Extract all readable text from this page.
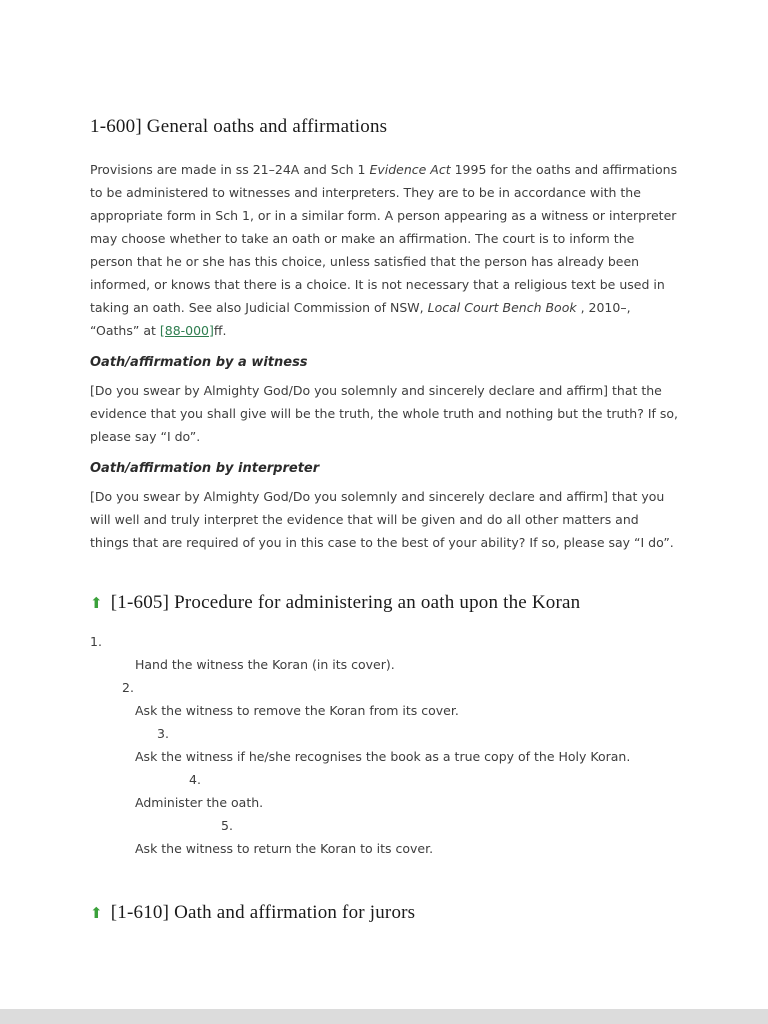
1-600] General oaths and affirmations

Provisions are made in ss 21–24A and Sch 1 Evidence Act 1995 for the oaths and affirmations to be administered to witnesses and interpreters. They are to be in accordance with the appropriate form in Sch 1, or in a similar form. A person appearing as a witness or interpreter may choose whether to take an oath or make an affirmation. The court is to inform the person that he or she has this choice, unless satisfied that the person has already been informed, or knows that there is a choice. It is not necessary that a religious text be used in taking an oath. See also Judicial Commission of NSW, Local Court Bench Book , 2010–, “Oaths” at [88-000]ff.

Oath/affirmation by a witness

[Do you swear by Almighty God/Do you solemnly and sincerely declare and affirm] that the evidence that you shall give will be the truth, the whole truth and nothing but the truth? If so, please say “I do”.

Oath/affirmation by interpreter

[Do you swear by Almighty God/Do you solemnly and sincerely declare and affirm] that you will well and truly interpret the evidence that will be given and do all other matters and things that are required of you in this case to the best of your ability? If so, please say “I do”.

⬆ [1-605] Procedure for administering an oath upon the Koran
1.
Hand the witness the Koran (in its cover).
2.
Ask the witness to remove the Koran from its cover.
3.
Ask the witness if he/she recognises the book as a true copy of the Holy Koran.
4.
Administer the oath.
5.
Ask the witness to return the Koran to its cover.
⬆ [1-610] Oath and affirmation for jurors
